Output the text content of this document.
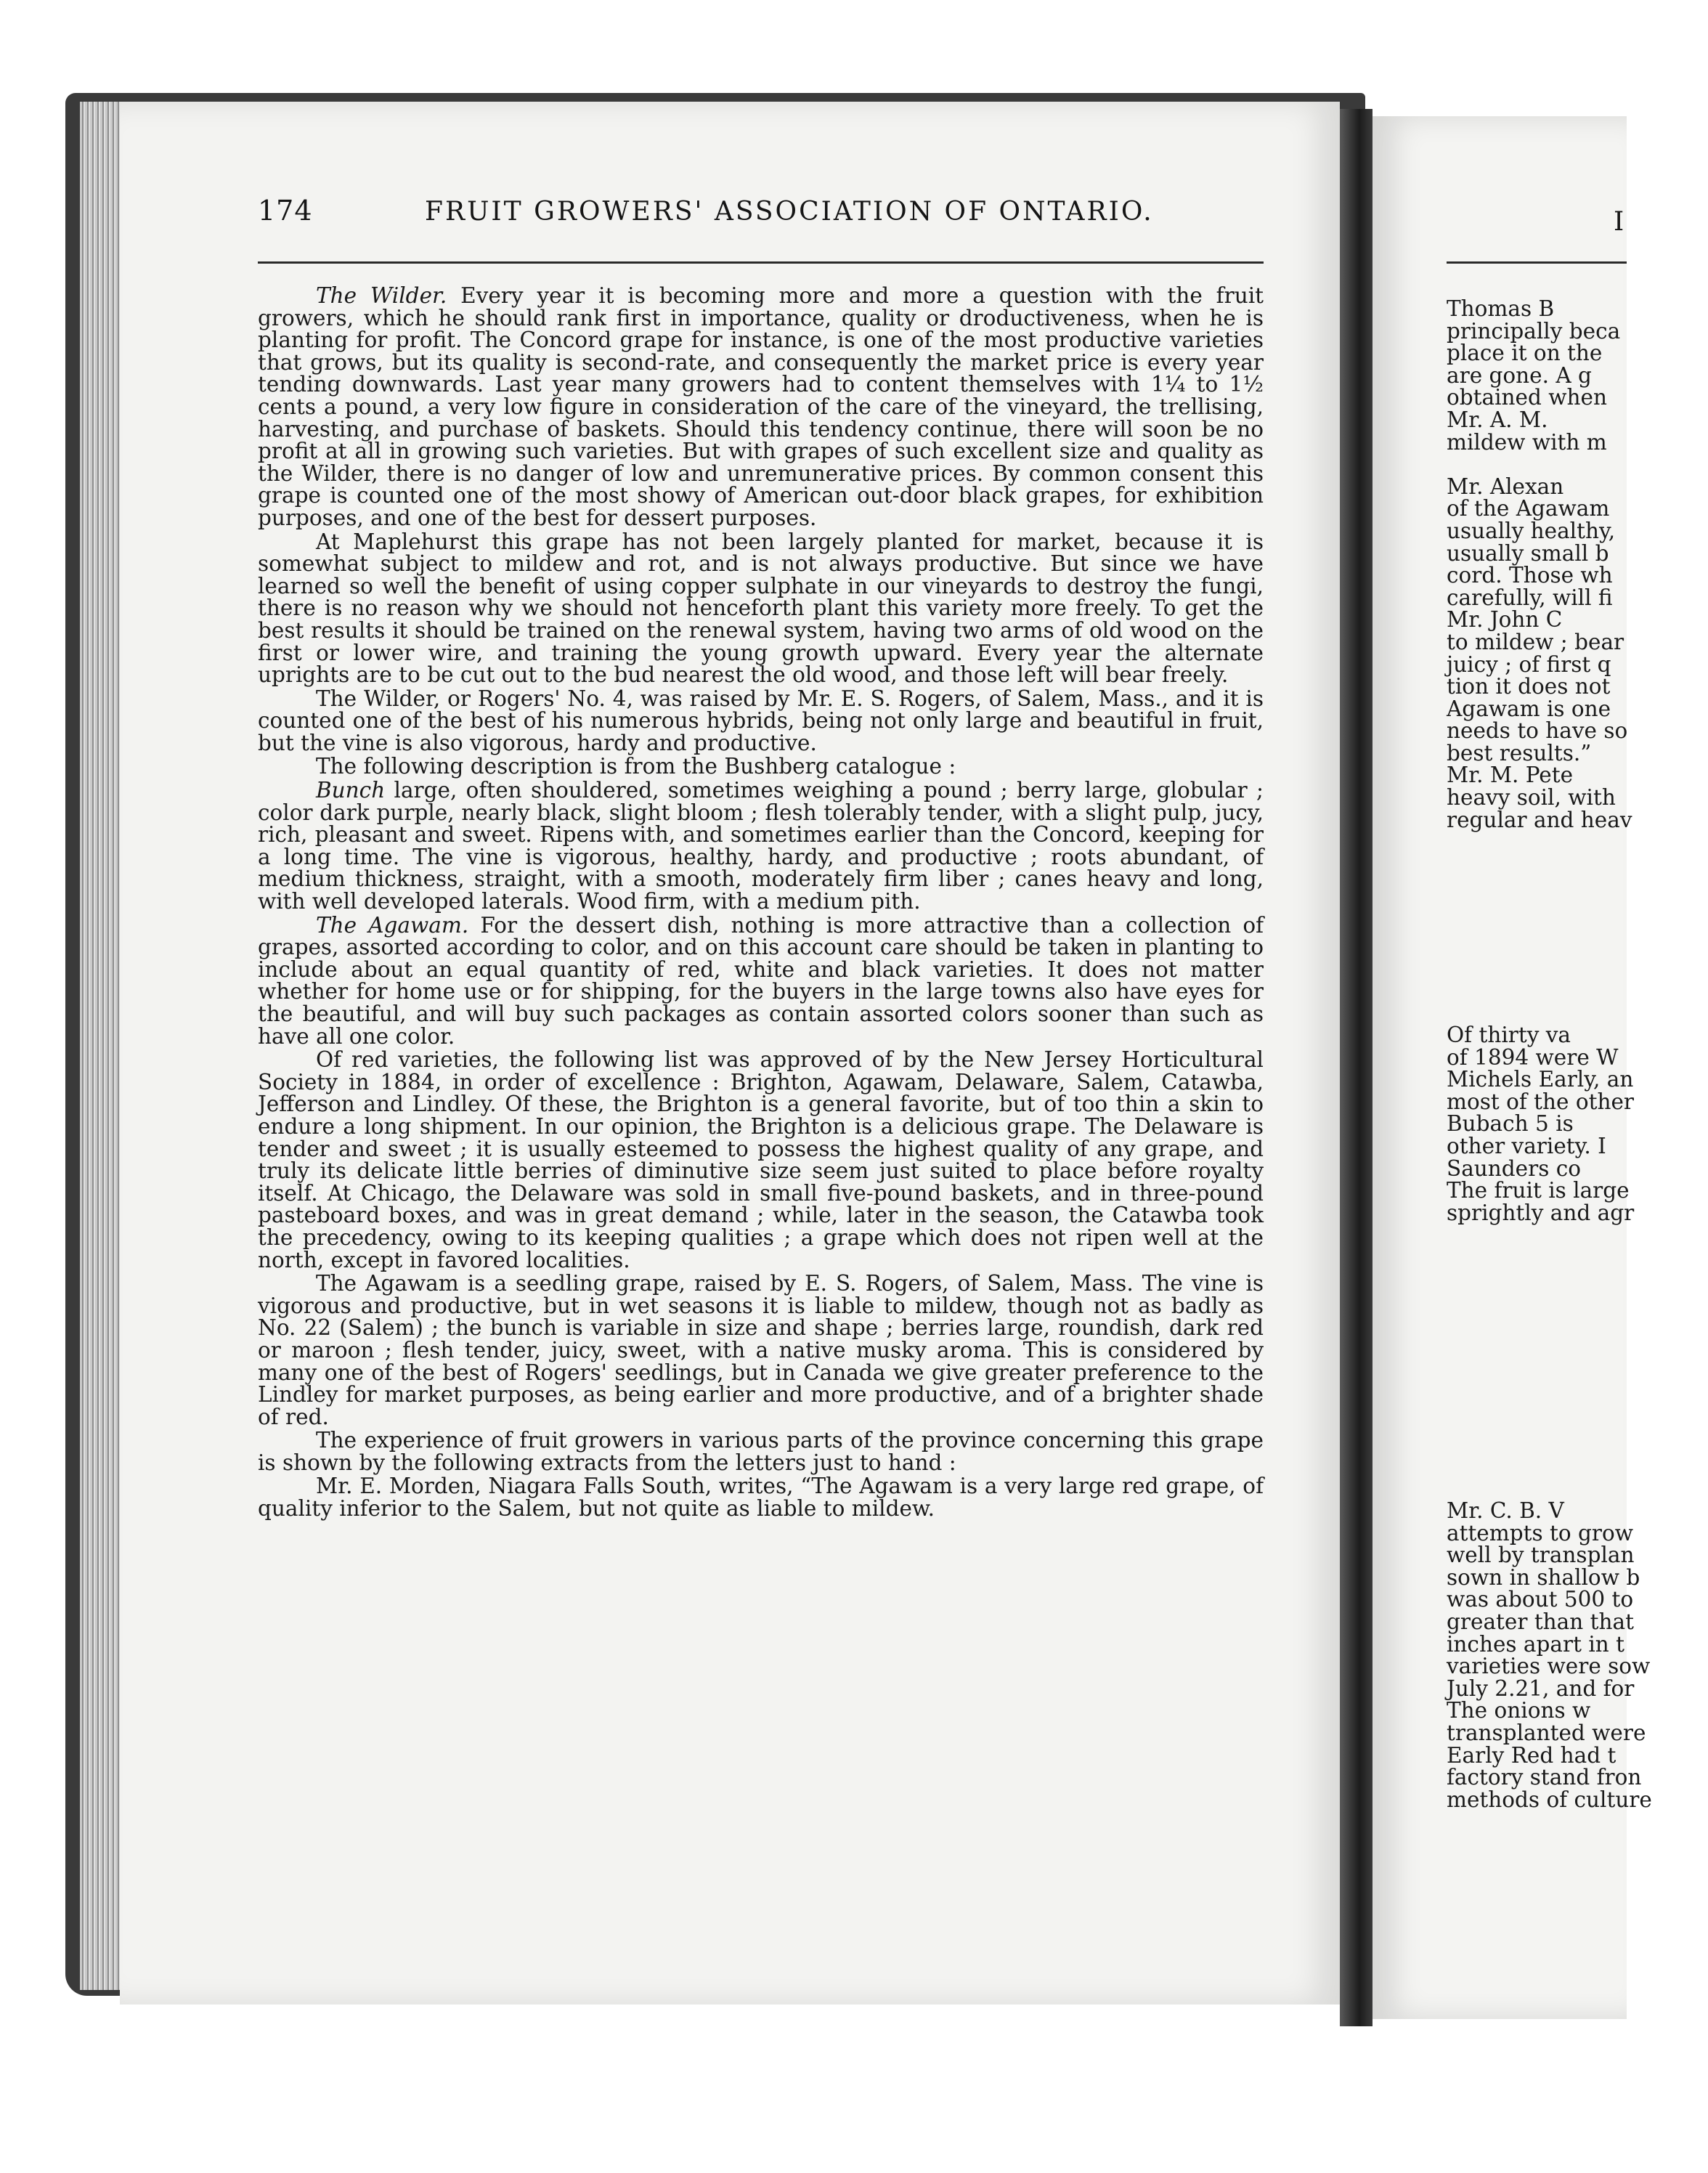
174	FRUIT GROWERS' ASSOCIATION OF ONTARIO.

The Wilder. Every year it is becoming more and more a question with the fruit growers, which he should rank first in importance, quality or droductiveness, when he is planting for profit. The Concord grape for instance, is one of the most productive varieties that grows, but its quality is second-rate, and consequently the market price is every year tending downwards. Last year many growers had to content themselves with 1¼ to 1½ cents a pound, a very low figure in consideration of the care of the vineyard, the trellising, harvesting, and purchase of baskets. Should this tendency continue, there will soon be no profit at all in growing such varieties. But with grapes of such excellent size and quality as the Wilder, there is no danger of low and unremunerative prices. By common consent this grape is counted one of the most showy of American out-door black grapes, for exhibition purposes, and one of the best for dessert purposes.

At Maplehurst this grape has not been largely planted for market, because it is somewhat subject to mildew and rot, and is not always productive. But since we have learned so well the benefit of using copper sulphate in our vineyards to destroy the fungi, there is no reason why we should not henceforth plant this variety more freely. To get the best results it should be trained on the renewal system, having two arms of old wood on the first or lower wire, and training the young growth upward. Every year the alternate uprights are to be cut out to the bud nearest the old wood, and those left will bear freely.

The Wilder, or Rogers' No. 4, was raised by Mr. E. S. Rogers, of Salem, Mass., and it is counted one of the best of his numerous hybrids, being not only large and beautiful in fruit, but the vine is also vigorous, hardy and productive.

The following description is from the Bushberg catalogue :

Bunch large, often shouldered, sometimes weighing a pound ; berry large, globular ; color dark purple, nearly black, slight bloom ; flesh tolerably tender, with a slight pulp, jucy, rich, pleasant and sweet. Ripens with, and sometimes earlier than the Concord, keeping for a long time. The vine is vigorous, healthy, hardy, and productive ; roots abundant, of medium thickness, straight, with a smooth, moderately firm liber ; canes heavy and long, with well developed laterals. Wood firm, with a medium pith.

The Agawam. For the dessert dish, nothing is more attractive than a collection of grapes, assorted according to color, and on this account care should be taken in planting to include about an equal quantity of red, white and black varieties. It does not matter whether for home use or for shipping, for the buyers in the large towns also have eyes for the beautiful, and will buy such packages as contain assorted colors sooner than such as have all one color.

Of red varieties, the following list was approved of by the New Jersey Horticultural Society in 1884, in order of excellence : Brighton, Agawam, Delaware, Salem, Catawba, Jefferson and Lindley. Of these, the Brighton is a general favorite, but of too thin a skin to endure a long shipment. In our opinion, the Brighton is a delicious grape. The Delaware is tender and sweet ; it is usually esteemed to possess the highest quality of any grape, and truly its delicate little berries of diminutive size seem just suited to place before royalty itself. At Chicago, the Delaware was sold in small five-pound baskets, and in three-pound pasteboard boxes, and was in great demand ; while, later in the season, the Catawba took the precedency, owing to its keeping qualities ; a grape which does not ripen well at the north, except in favored localities.

The Agawam is a seedling grape, raised by E. S. Rogers, of Salem, Mass. The vine is vigorous and productive, but in wet seasons it is liable to mildew, though not as badly as No. 22 (Salem) ; the bunch is variable in size and shape ; berries large, roundish, dark red or maroon ; flesh tender, juicy, sweet, with a native musky aroma. This is considered by many one of the best of Rogers' seedlings, but in Canada we give greater preference to the Lindley for market purposes, as being earlier and more productive, and of a brighter shade of red.

The experience of fruit growers in various parts of the province concerning this grape is shown by the following extracts from the letters just to hand :

Mr. E. Morden, Niagara Falls South, writes, “The Agawam is a very large red grape, of quality inferior to the Salem, but not quite as liable to mildew.

I
Thomas B
principally beca
place it on the
are gone. A g
obtained when
Mr. A. M.
mildew with m
Mr. Alexan
of the Agawam
usually healthy,
usually small b
cord. Those wh
carefully, will fi
Mr. John C
to mildew ; bear
juicy ; of first q
tion it does not
Agawam is one
needs to have so
best results.”
Mr. M. Pete
heavy soil, with
regular and heav
Of thirty va
of 1894 were W
Michels Early, an
most of the other
Bubach 5 is
other variety. I
Saunders co
The fruit is large
sprightly and agr
Mr. C. B. V
attempts to grow
well by transplan
sown in shallow b
was about 500 to
greater than that
inches apart in t
varieties were sow
July 2.21, and for
The onions w
transplanted were
Early Red had t
factory stand fron
methods of culture
